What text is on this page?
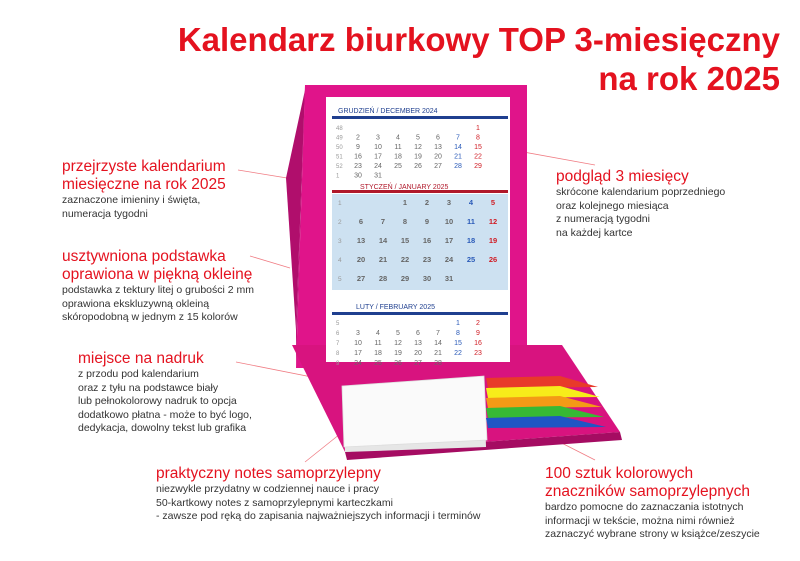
Kalendarz biurkowy TOP 3-miesięczny
na rok 2025
GRUDZIEŃ / DECEMBER 2024
48
49
50
51
52
1
1
2 3 4 5 6 7 8
9 10 11 12 13 14 15
16 17 18 19 20 21 22
23 24 25 26 27 28 29
30 31
STYCZEŃ / JANUARY 2025
1
2
3
4
5
1 2 3 4 5
6 7 8 9 10 11 12
13 14 15 16 17 18 19
20 21 22 23 24 25 26
27 28 29 30 31
LUTY / FEBRUARY 2025
5
6
7
8
9
1 2
3 4 5 6 7 8 9
10 11 12 13 14 15 16
17 18 19 20 21 22 23
24 25 26 27 28
przejrzyste kalendarium
miesięczne na rok 2025
zaznaczone imieniny i święta,
numeracja tygodni
usztywniona podstawka
oprawiona w piękną okleinę
podstawka z tektury litej o grubości 2 mm
oprawiona ekskluzywną okleiną
skóropodobną w jednym z 15 kolorów
miejsce na nadruk
z przodu pod kalendarium
oraz z tyłu na podstawce biały
lub pełnokolorowy nadruk to opcja
dodatkowo płatna - może to być logo,
dedykacja, dowolny tekst lub grafika
podgląd 3 miesięcy
skrócone kalendarium poprzedniego
oraz kolejnego miesiąca
z numeracją tygodni
na każdej kartce
praktyczny notes samoprzylepny
niezwykle przydatny w codziennej nauce i pracy
50-kartkowy notes z samoprzylepnymi karteczkami
- zawsze pod ręką do zapisania najważniejszych informacji i terminów
100 sztuk kolorowych
znaczników samoprzylepnych
bardzo pomocne do zaznaczania istotnych
informacji w tekście, można nimi również
zaznaczyć wybrane strony w książce/zeszycie
